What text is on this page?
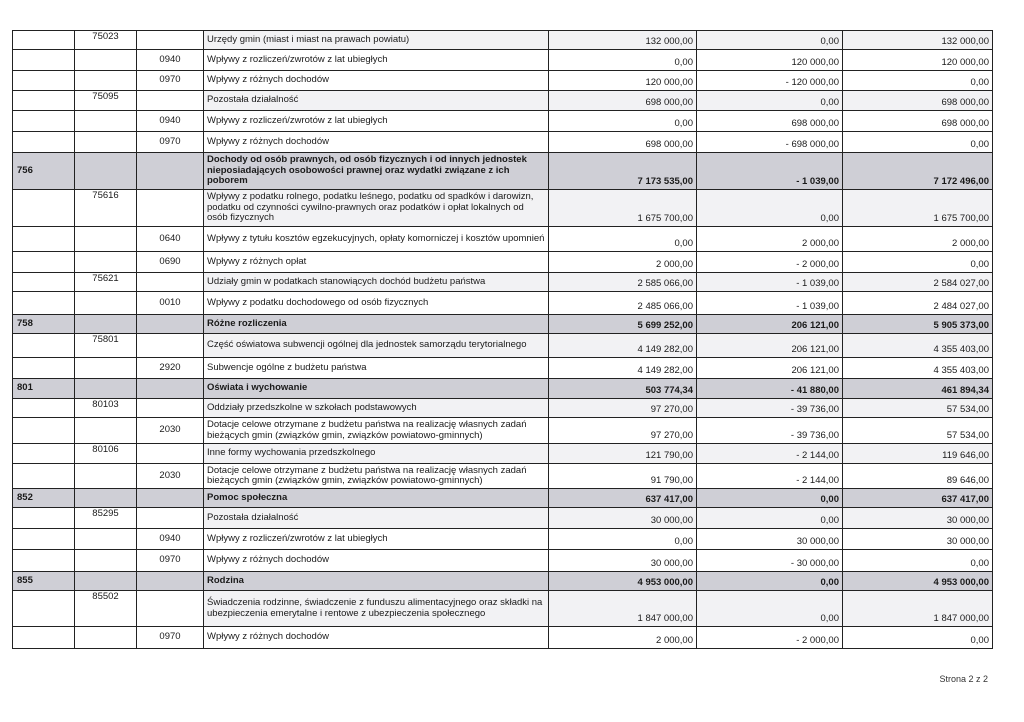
	75023		Urzędy gmin (miast i miast na prawach powiatu)	132 000,00	0,00	132 000,00
		0940	Wpływy z rozliczeń/zwrotów z lat ubiegłych	0,00	120 000,00	120 000,00
		0970	Wpływy z różnych dochodów	120 000,00	- 120 000,00	0,00
	75095		Pozostała działalność	698 000,00	0,00	698 000,00
		0940	Wpływy z rozliczeń/zwrotów z lat ubiegłych	0,00	698 000,00	698 000,00
		0970	Wpływy z różnych dochodów	698 000,00	- 698 000,00	0,00
756			Dochody od osób prawnych, od osób fizycznych i od innych jednostek nieposiadających osobowości prawnej oraz wydatki związane z ich poborem	7 173 535,00	- 1 039,00	7 172 496,00
	75616		Wpływy z podatku rolnego, podatku leśnego, podatku od spadków i darowizn, podatku od czynności cywilno-prawnych oraz podatków i opłat lokalnych od osób fizycznych	1 675 700,00	0,00	1 675 700,00
		0640	Wpływy z tytułu kosztów egzekucyjnych, opłaty komorniczej i kosztów upomnień	0,00	2 000,00	2 000,00
		0690	Wpływy z różnych opłat	2 000,00	- 2 000,00	0,00
	75621		Udziały gmin w podatkach stanowiących dochód budżetu państwa	2 585 066,00	- 1 039,00	2 584 027,00
		0010	Wpływy z podatku dochodowego od osób fizycznych	2 485 066,00	- 1 039,00	2 484 027,00
758			Różne rozliczenia	5 699 252,00	206 121,00	5 905 373,00
	75801		Część oświatowa subwencji ogólnej dla jednostek samorządu terytorialnego	4 149 282,00	206 121,00	4 355 403,00
		2920	Subwencje ogólne z budżetu państwa	4 149 282,00	206 121,00	4 355 403,00
801			Oświata i wychowanie	503 774,34	- 41 880,00	461 894,34
	80103		Oddziały przedszkolne w szkołach podstawowych	97 270,00	- 39 736,00	57 534,00
		2030	Dotacje celowe otrzymane z budżetu państwa na realizację własnych zadań bieżących gmin (związków gmin, związków powiatowo-gminnych)	97 270,00	- 39 736,00	57 534,00
	80106		Inne formy wychowania przedszkolnego	121 790,00	- 2 144,00	119 646,00
		2030	Dotacje celowe otrzymane z budżetu państwa na realizację własnych zadań bieżących gmin (związków gmin, związków powiatowo-gminnych)	91 790,00	- 2 144,00	89 646,00
852			Pomoc społeczna	637 417,00	0,00	637 417,00
	85295		Pozostała działalność	30 000,00	0,00	30 000,00
		0940	Wpływy z rozliczeń/zwrotów z lat ubiegłych	0,00	30 000,00	30 000,00
		0970	Wpływy z różnych dochodów	30 000,00	- 30 000,00	0,00
855			Rodzina	4 953 000,00	0,00	4 953 000,00
	85502		Świadczenia rodzinne, świadczenie z funduszu alimentacyjnego oraz składki na ubezpieczenia emerytalne i rentowe z ubezpieczenia społecznego	1 847 000,00	0,00	1 847 000,00
		0970	Wpływy z różnych dochodów	2 000,00	- 2 000,00	0,00
Strona 2 z 2
